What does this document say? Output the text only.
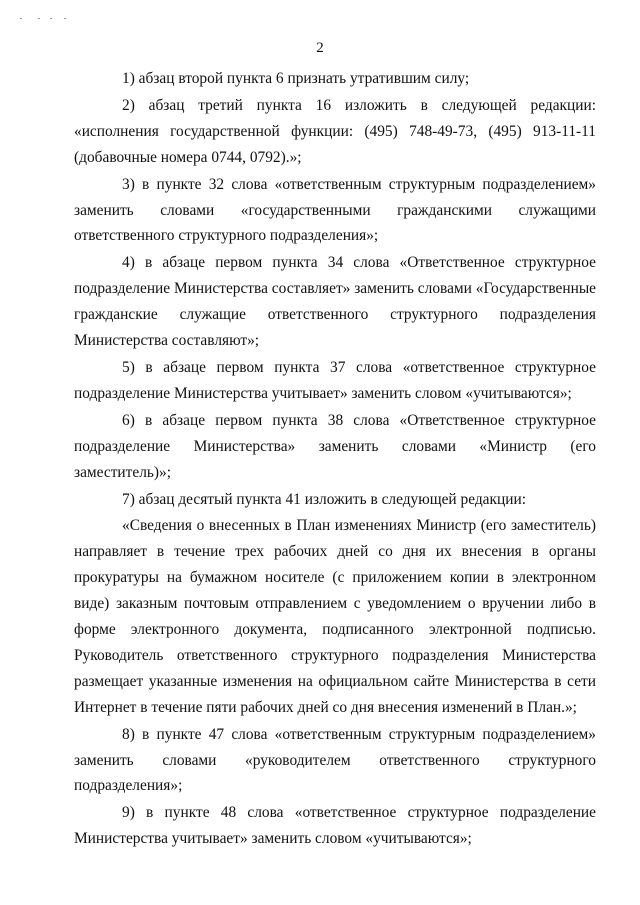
2

1) абзац второй пункта 6 признать утратившим силу;

2) абзац третий пункта 16 изложить в следующей редакции: «исполнения государственной функции: (495) 748-49-73, (495) 913-11-11 (добавочные номера 0744, 0792).»;

3) в пункте 32 слова «ответственным структурным подразделением» заменить словами «государственными гражданскими служащими ответственного структурного подразделения»;

4) в абзаце первом пункта 34 слова «Ответственное структурное подразделение Министерства составляет» заменить словами «Государственные гражданские служащие ответственного структурного подразделения Министерства составляют»;

5) в абзаце первом пункта 37 слова «ответственное структурное подразделение Министерства учитывает» заменить словом «учитываются»;

6) в абзаце первом пункта 38 слова «Ответственное структурное подразделение Министерства» заменить словами «Министр (его заместитель)»;

7) абзац десятый пункта 41 изложить в следующей редакции:

«Сведения о внесенных в План изменениях Министр (его заместитель) направляет в течение трех рабочих дней со дня их внесения в органы прокуратуры на бумажном носителе (с приложением копии в электронном виде) заказным почтовым отправлением с уведомлением о вручении либо в форме электронного документа, подписанного электронной подписью. Руководитель ответственного структурного подразделения Министерства размещает указанные изменения на официальном сайте Министерства в сети Интернет в течение пяти рабочих дней со дня внесения изменений в План.»;

8) в пункте 47 слова «ответственным структурным подразделением» заменить словами «руководителем ответственного структурного подразделения»;

9) в пункте 48 слова «ответственное структурное подразделение Министерства учитывает» заменить словом «учитываются»;
